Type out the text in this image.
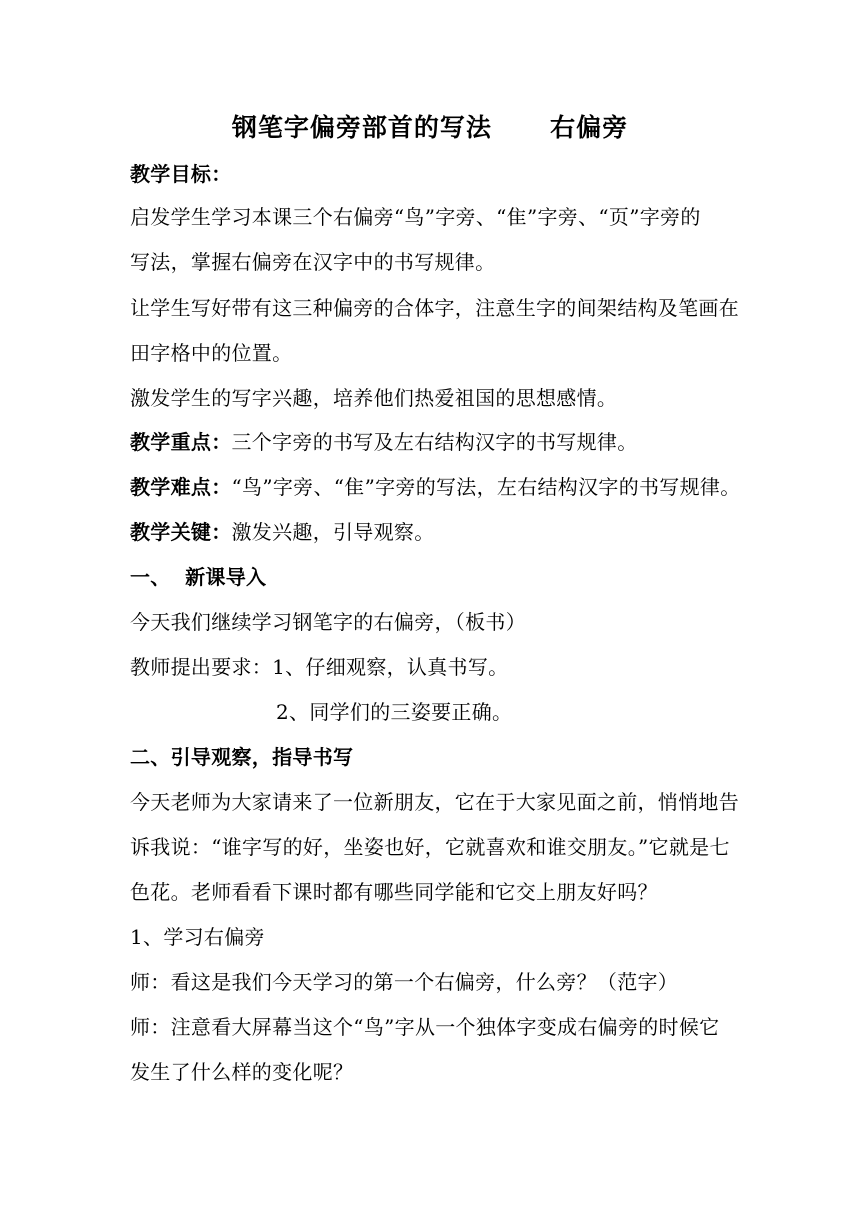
钢笔字偏旁部首的写法      右偏旁
教学目标：
启发学生学习本课三个右偏旁“鸟”字旁、“隹”字旁、“页”字旁的
写法，掌握右偏旁在汉字中的书写规律。
让学生写好带有这三种偏旁的合体字，注意生字的间架结构及笔画在
田字格中的位置。
激发学生的写字兴趣，培养他们热爱祖国的思想感情。
教学重点：三个字旁的书写及左右结构汉字的书写规律。
教学难点：“鸟”字旁、“隹”字旁的写法，左右结构汉字的书写规律。
教学关键：激发兴趣，引导观察。
一、  新课导入
今天我们继续学习钢笔字的右偏旁，（板书）
教师提出要求：1、仔细观察，认真书写。
2、同学们的三姿要正确。
二、引导观察，指导书写
今天老师为大家请来了一位新朋友，它在于大家见面之前，悄悄地告
诉我说：“谁字写的好，坐姿也好，它就喜欢和谁交朋友。”它就是七
色花。老师看看下课时都有哪些同学能和它交上朋友好吗？
1、学习右偏旁
师：看这是我们今天学习的第一个右偏旁，什么旁？（范字）
师：注意看大屏幕当这个“鸟”字从一个独体字变成右偏旁的时候它
发生了什么样的变化呢？
